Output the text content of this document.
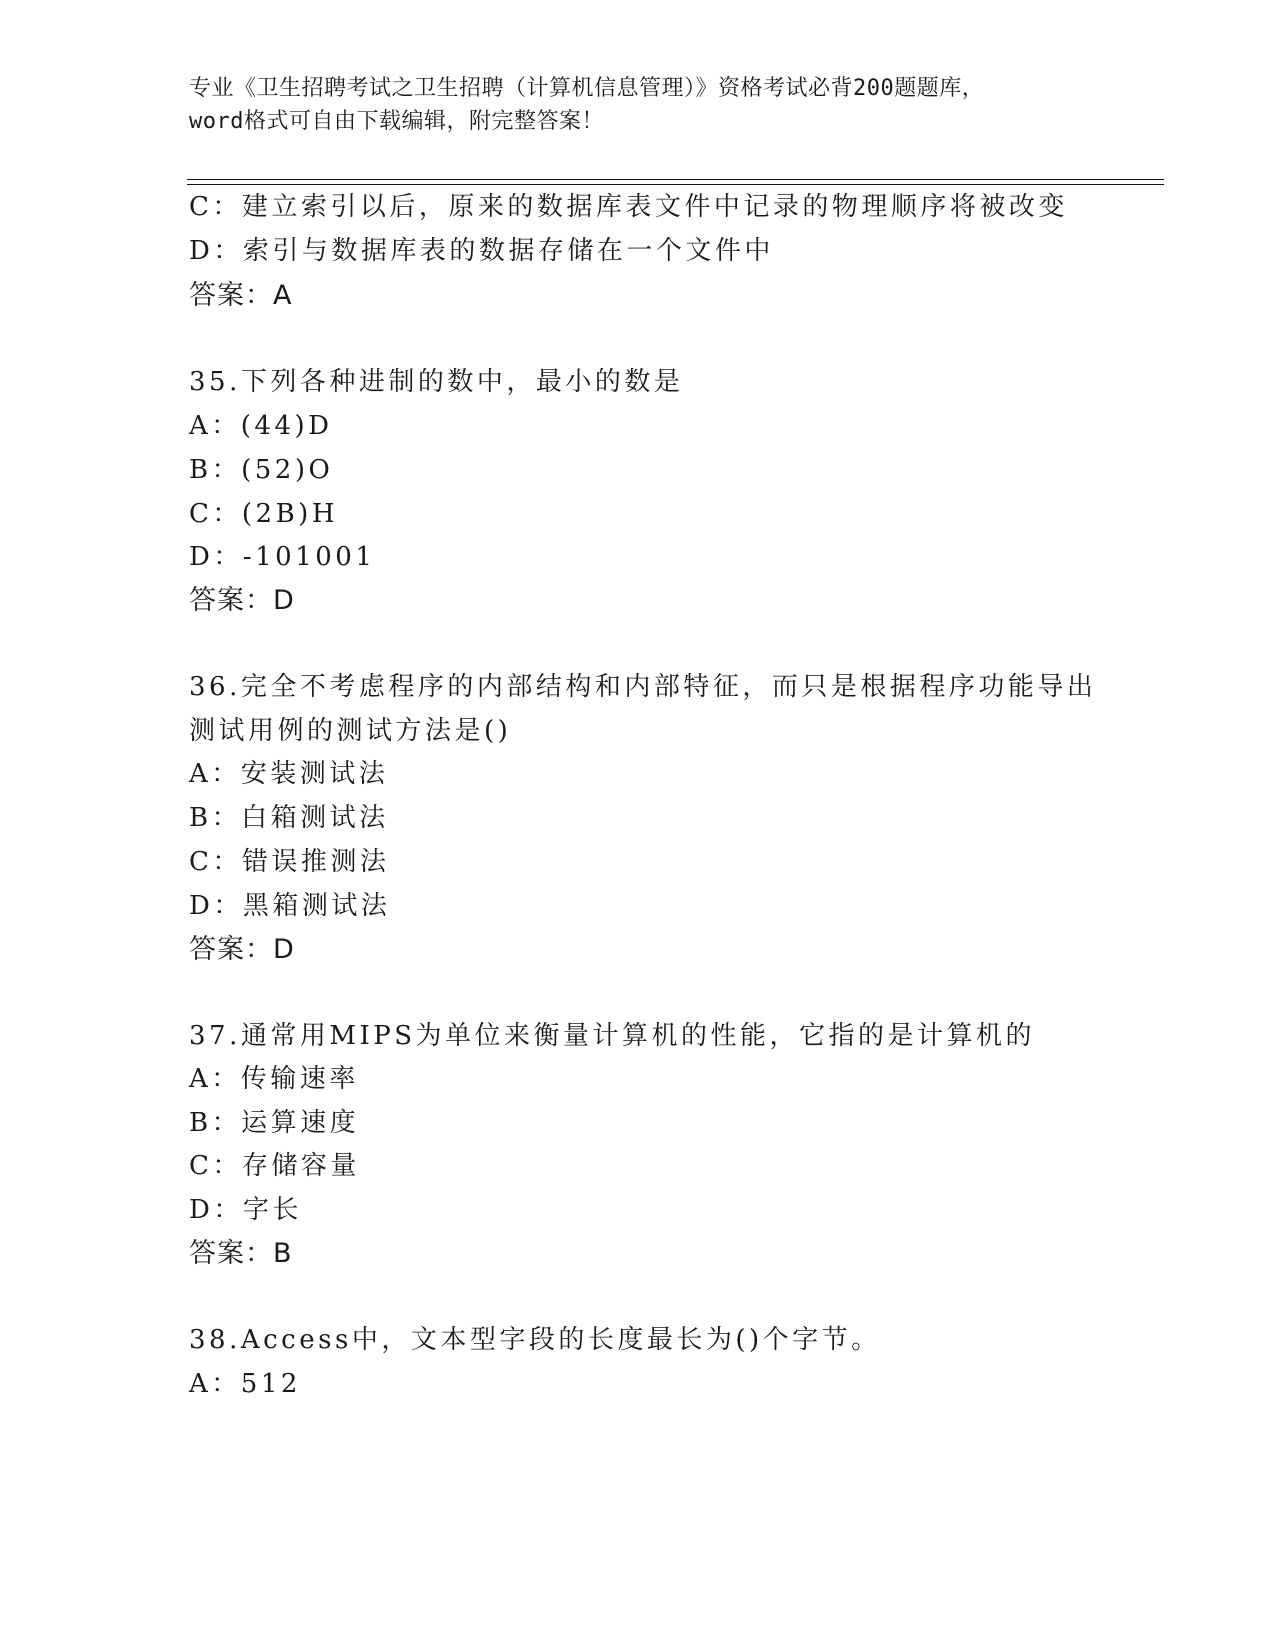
专业《卫生招聘考试之卫生招聘（计算机信息管理）》资格考试必背200题题库，
word格式可自由下载编辑，附完整答案！
C：建立索引以后，原来的数据库表文件中记录的物理顺序将被改变
D：索引与数据库表的数据存储在一个文件中
答案：A
35.下列各种进制的数中，最小的数是
A：(44)D
B：(52)O
C：(2B)H
D：-101001
答案：D
36.完全不考虑程序的内部结构和内部特征，而只是根据程序功能导出
测试用例的测试方法是()
A：安装测试法
B：白箱测试法
C：错误推测法
D：黑箱测试法
答案：D
37.通常用MIPS为单位来衡量计算机的性能，它指的是计算机的
A：传输速率
B：运算速度
C：存储容量
D：字长
答案：B
38.Access中，文本型字段的长度最长为()个字节。
A：512
